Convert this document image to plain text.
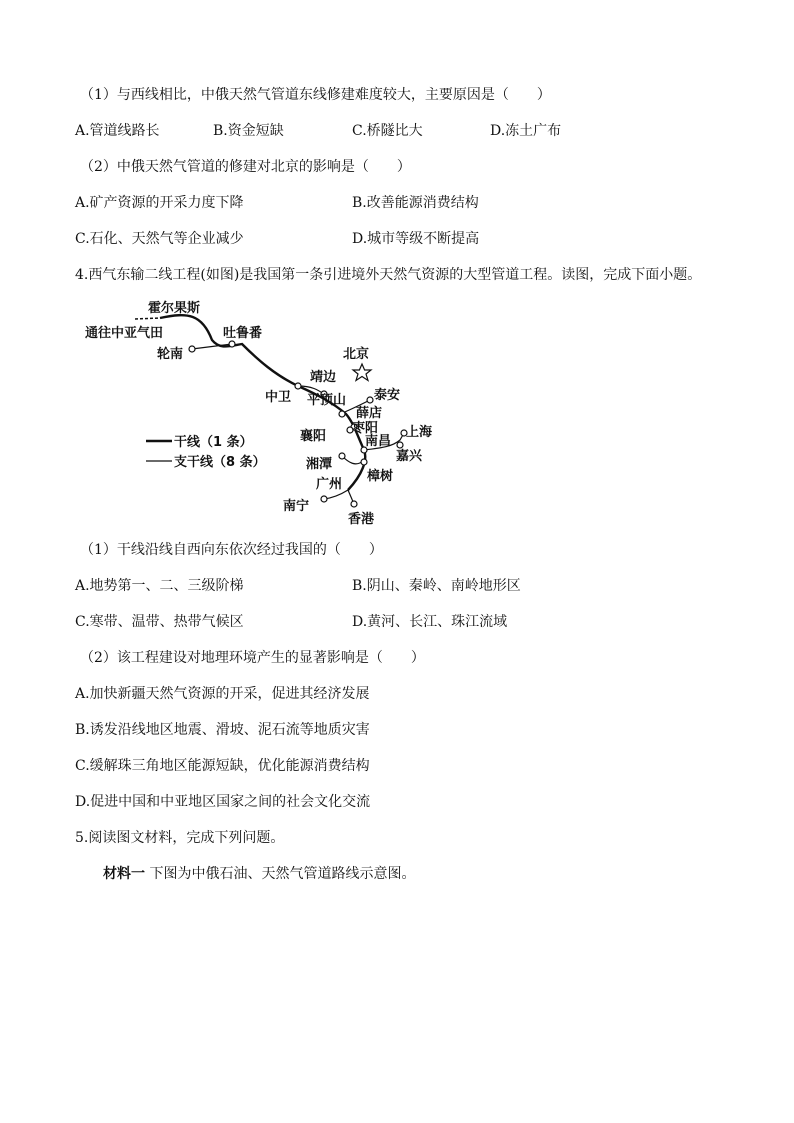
（1）与西线相比，中俄天然气管道东线修建难度较大，主要原因是（　　）
A.管道线路长	B.资金短缺	C.桥隧比大	D.冻土广布
（2）中俄天然气管道的修建对北京的影响是（　　）
A.矿产资源的开采力度下降	B.改善能源消费结构
C.石化、天然气等企业减少	D.城市等级不断提高
4.西气东输二线工程(如图)是我国第一条引进境外天然气资源的大型管道工程。读图，完成下面小题。
霍尔果斯
通往中亚气田	吐鲁番
轮南	北京
靖边
中卫 平顶山 泰安
薛店
枣阳
襄阳	南昌
上海
嘉兴
湘潭
樟树
广州
南宁
香港
干线（1 条）
支干线（8 条）
（1）干线沿线自西向东依次经过我国的（　　）
A.地势第一、二、三级阶梯	B.阴山、秦岭、南岭地形区
C.寒带、温带、热带气候区	D.黄河、长江、珠江流域
（2）该工程建设对地理环境产生的显著影响是（　　）
A.加快新疆天然气资源的开采，促进其经济发展
B.诱发沿线地区地震、滑坡、泥石流等地质灾害
C.缓解珠三角地区能源短缺，优化能源消费结构
D.促进中国和中亚地区国家之间的社会文化交流
5.阅读图文材料，完成下列问题。
材料一 下图为中俄石油、天然气管道路线示意图。
